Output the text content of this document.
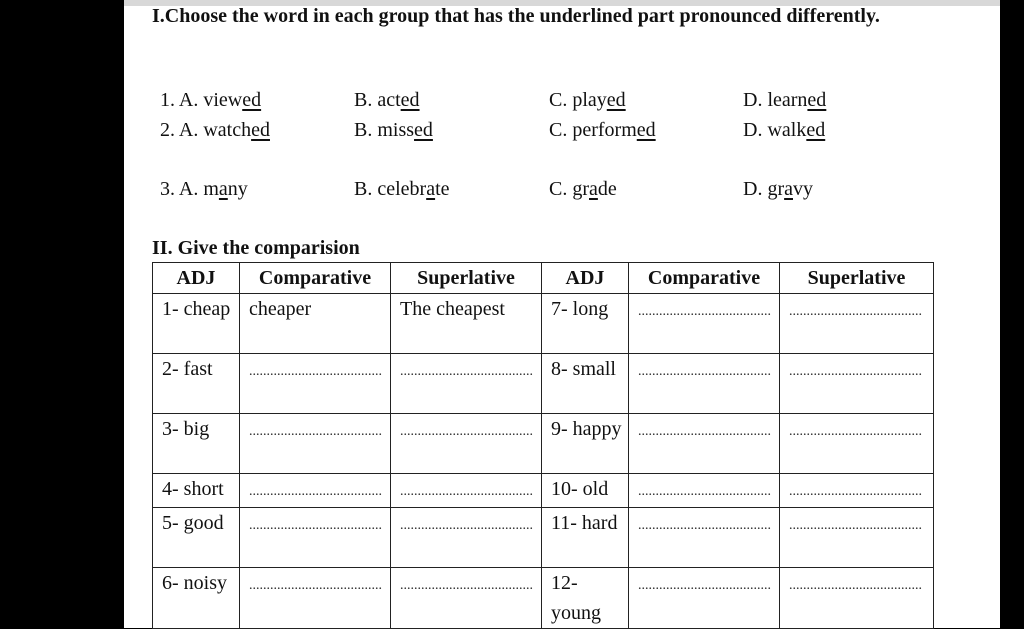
I.Choose the word in each group that has the underlined part pronounced differently.
1. A. viewed	B. acted	C. played	D. learned
2. A. watched	B. missed	C. performed	D. walked
3. A. many	B. celebrate	C. grade	D. gravy
II. Give the comparision
ADJ	Comparative	Superlative	ADJ	Comparative	Superlative
1- cheap	cheaper	The cheapest	7- long	......................................	......................................

2- fast	......................................	......................................	8- small	......................................	......................................

3- big	......................................	......................................	9- happy	......................................	......................................

4- short	......................................	......................................	10- old	......................................	......................................

5- good	......................................	......................................	11- hard	......................................	......................................

6- noisy	......................................	......................................	12- young	......................................	......................................
